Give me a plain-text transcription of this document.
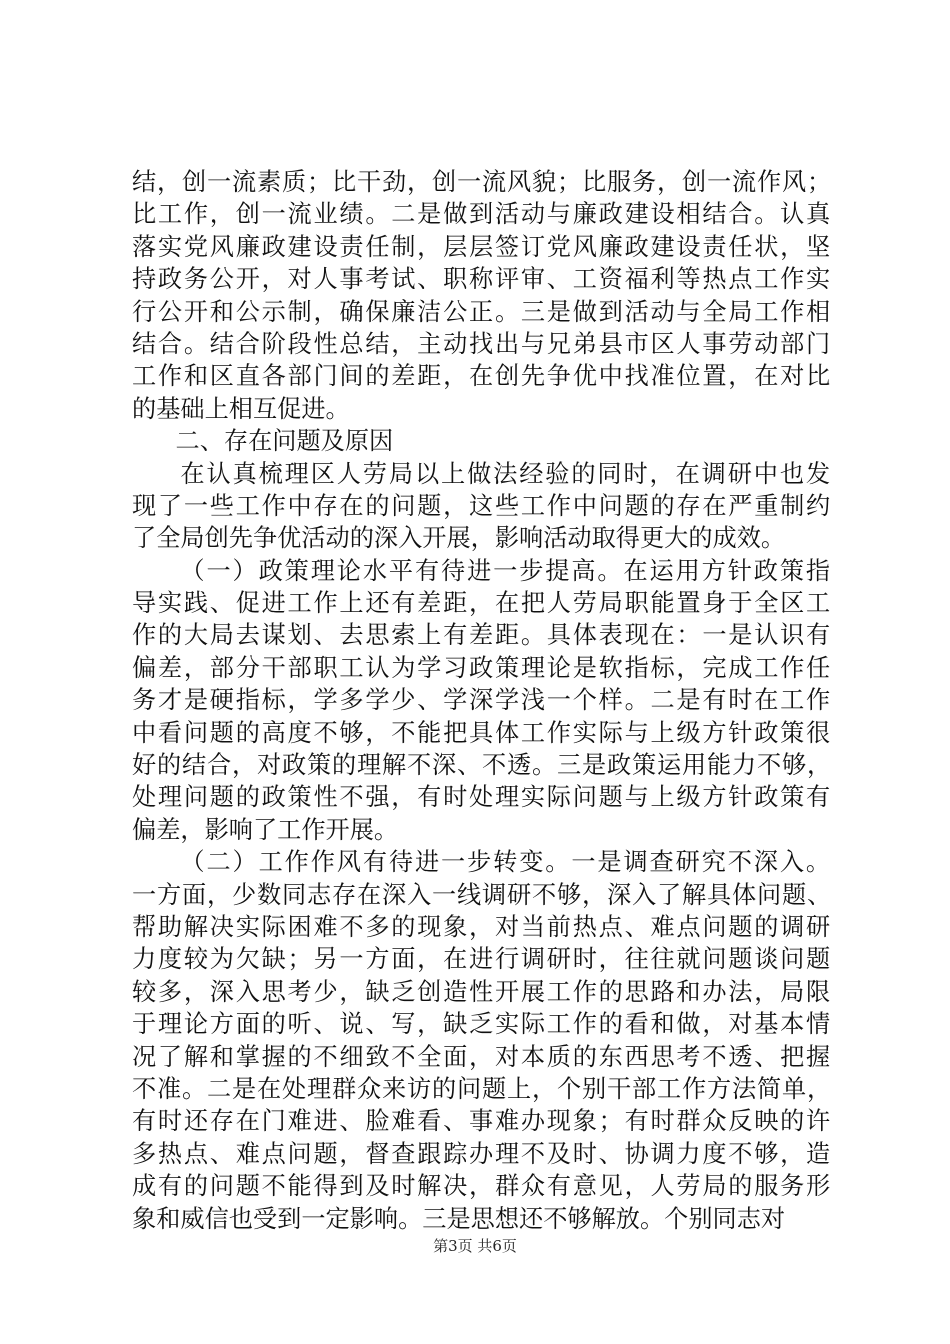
结，创一流素质；比干劲，创一流风貌；比服务，创一流作风；
比工作，创一流业绩。二是做到活动与廉政建设相结合。认真
落实党风廉政建设责任制，层层签订党风廉政建设责任状，坚
持政务公开，对人事考试、职称评审、工资福利等热点工作实
行公开和公示制，确保廉洁公正。三是做到活动与全局工作相
结合。结合阶段性总结，主动找出与兄弟县市区人事劳动部门
工作和区直各部门间的差距，在创先争优中找准位置，在对比
的基础上相互促进。
二、存在问题及原因
在认真梳理区人劳局以上做法经验的同时，在调研中也发
现了一些工作中存在的问题，这些工作中问题的存在严重制约
了全局创先争优活动的深入开展，影响活动取得更大的成效。
（一）政策理论水平有待进一步提高。在运用方针政策指
导实践、促进工作上还有差距，在把人劳局职能置身于全区工
作的大局去谋划、去思索上有差距。具体表现在：一是认识有
偏差，部分干部职工认为学习政策理论是软指标，完成工作任
务才是硬指标，学多学少、学深学浅一个样。二是有时在工作
中看问题的高度不够，不能把具体工作实际与上级方针政策很
好的结合，对政策的理解不深、不透。三是政策运用能力不够，
处理问题的政策性不强，有时处理实际问题与上级方针政策有
偏差，影响了工作开展。
（二）工作作风有待进一步转变。一是调查研究不深入。
一方面，少数同志存在深入一线调研不够，深入了解具体问题、
帮助解决实际困难不多的现象，对当前热点、难点问题的调研
力度较为欠缺；另一方面，在进行调研时，往往就问题谈问题
较多，深入思考少，缺乏创造性开展工作的思路和办法，局限
于理论方面的听、说、写，缺乏实际工作的看和做，对基本情
况了解和掌握的不细致不全面，对本质的东西思考不透、把握
不准。二是在处理群众来访的问题上，个别干部工作方法简单，
有时还存在门难进、脸难看、事难办现象；有时群众反映的许
多热点、难点问题，督查跟踪办理不及时、协调力度不够，造
成有的问题不能得到及时解决，群众有意见，人劳局的服务形
象和威信也受到一定影响。三是思想还不够解放。个别同志对
第3页 共6页
